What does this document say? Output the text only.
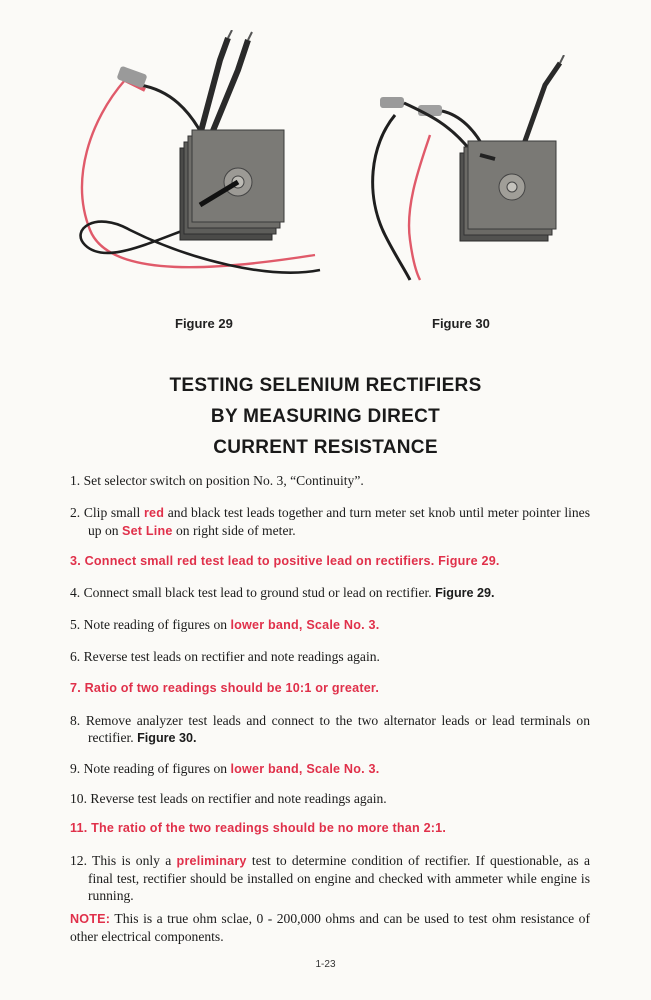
Figure 29	Figure 30
TESTING SELENIUM RECTIFIERS
BY MEASURING DIRECT
CURRENT RESISTANCE
1. Set selector switch on position No. 3, “Continuity”.
2. Clip small red and black test leads together and turn meter set knob until meter pointer lines up on Set Line on right side of meter.
3. Connect small red test lead to positive lead on rectifiers. Figure 29.
4. Connect small black test lead to ground stud or lead on rectifier. Figure 29.
5. Note reading of figures on lower band, Scale No. 3.
6. Reverse test leads on rectifier and note readings again.
7. Ratio of two readings should be 10:1 or greater.
8. Remove analyzer test leads and connect to the two alternator leads or lead terminals on rectifier. Figure 30.
9. Note reading of figures on lower band, Scale No. 3.
10. Reverse test leads on rectifier and note readings again.
11. The ratio of the two readings should be no more than 2:1.
12. This is only a preliminary test to determine condition of rectifier. If questionable, as a final test, rectifier should be installed on engine and checked with ammeter while engine is running.
NOTE: This is a true ohm sclae, 0 - 200,000 ohms and can be used to test ohm resistance of other electrical components.
1-23
